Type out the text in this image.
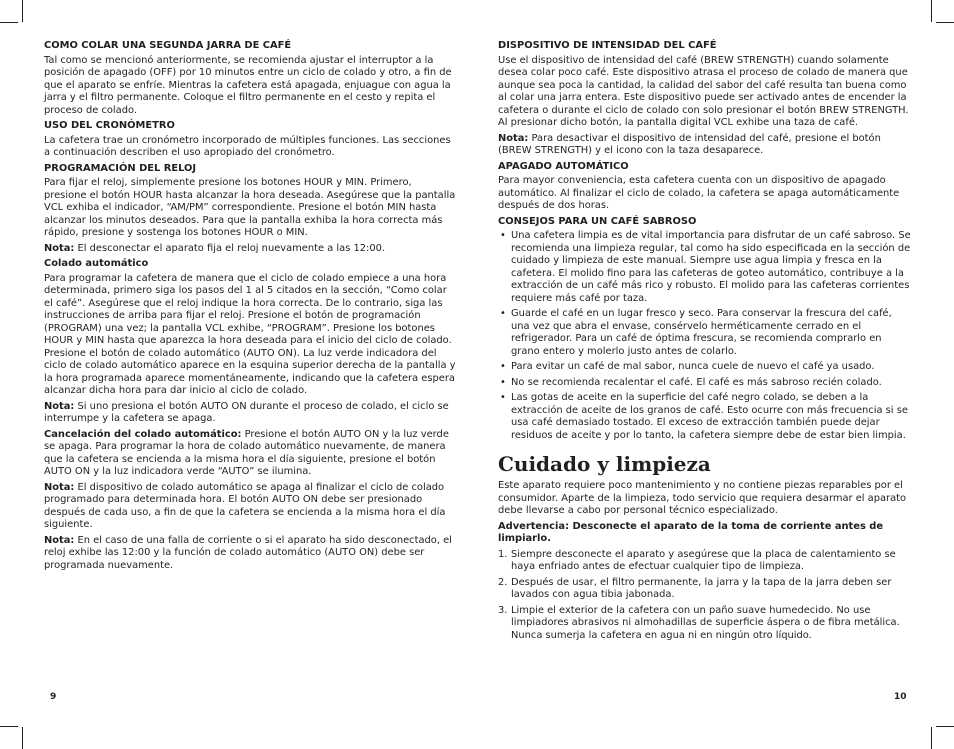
COMO COLAR UNA SEGUNDA JARRA DE CAFÉ

Tal como se mencionó anteriormente, se recomienda ajustar el interruptor a la posición de apagado (OFF) por 10 minutos entre un ciclo de colado y otro, a fin de que el aparato se enfríe. Mientras la cafetera está apagada, enjuague con agua la jarra y el filtro permanente. Coloque el filtro permanente en el cesto y repita el proceso de colado.

USO DEL CRONÓMETRO

La cafetera trae un cronómetro incorporado de múltiples funciones. Las secciones a continuación describen el uso apropiado del cronómetro.

PROGRAMACIÓN DEL RELOJ

Para fijar el reloj, simplemente presione los botones HOUR y MIN. Primero, presione el botón HOUR hasta alcanzar la hora deseada. Asegúrese que la pantalla VCL exhiba el indicador, “AM/PM” correspondiente. Presione el botón MIN hasta alcanzar los minutos deseados. Para que la pantalla exhiba la hora correcta más rápido, presione y sostenga los botones HOUR o MIN.

Nota: El desconectar el aparato fija el reloj nuevamente a las 12:00.

Colado automático

Para programar la cafetera de manera que el ciclo de colado empiece a una hora determinada, primero siga los pasos del 1 al 5 citados en la sección, “Como colar el café”. Asegúrese que el reloj indique la hora correcta. De lo contrario, siga las instrucciones de arriba para fijar el reloj. Presione el botón de programación (PROGRAM) una vez; la pantalla VCL exhibe, “PROGRAM”. Presione los botones HOUR y MIN hasta que aparezca la hora deseada para el inicio del ciclo de colado. Presione el botón de colado automático (AUTO ON). La luz verde indicadora del ciclo de colado automático aparece en la esquina superior derecha de la pantalla y la hora programada aparece momentáneamente, indicando que la cafetera espera alcanzar dicha hora para dar inicio al ciclo de colado.

Nota: Si uno presiona el botón AUTO ON durante el proceso de colado, el ciclo se interrumpe y la cafetera se apaga.

Cancelación del colado automático: Presione el botón AUTO ON y la luz verde se apaga. Para programar la hora de colado automático nuevamente, de manera que la cafetera se encienda a la misma hora el día siguiente, presione el botón AUTO ON y la luz indicadora verde “AUTO” se ilumina.

Nota: El dispositivo de colado automático se apaga al finalizar el ciclo de colado programado para determinada hora. El botón AUTO ON debe ser presionado después de cada uso, a fin de que la cafetera se encienda a la misma hora el día siguiente.

Nota: En el caso de una falla de corriente o si el aparato ha sido desconectado, el reloj exhibe las 12:00 y la función de colado automático (AUTO ON) debe ser programada nuevamente.

DISPOSITIVO DE INTENSIDAD DEL CAFÉ

Use el dispositivo de intensidad del café (BREW STRENGTH) cuando solamente desea colar poco café. Este dispositivo atrasa el proceso de colado de manera que aunque sea poca la cantidad, la calidad del sabor del café resulta tan buena como al colar una jarra entera. Este dispositivo puede ser activado antes de encender la cafetera o durante el ciclo de colado con solo presionar el botón BREW STRENGTH. Al presionar dicho botón, la pantalla digital VCL exhibe una taza de café.

Nota: Para desactivar el dispositivo de intensidad del café, presione el botón (BREW STRENGTH) y el icono con la taza desaparece.

APAGADO AUTOMÁTICO

Para mayor conveniencia, esta cafetera cuenta con un dispositivo de apagado automático. Al finalizar el ciclo de colado, la cafetera se apaga automáticamente después de dos horas.

CONSEJOS PARA UN CAFÉ SABROSO
• Una cafetera limpia es de vital importancia para disfrutar de un café sabroso. Se recomienda una limpieza regular, tal como ha sido especificada en la sección de cuidado y limpieza de este manual. Siempre use agua limpia y fresca en la cafetera. El molido fino para las cafeteras de goteo automático, contribuye a la extracción de un café más rico y robusto. El molido para las cafeteras corrientes requiere más café por taza.
• Guarde el café en un lugar fresco y seco. Para conservar la frescura del café, una vez que abra el envase, consérvelo herméticamente cerrado en el refrigerador. Para un café de óptima frescura, se recomienda comprarlo en grano entero y molerlo justo antes de colarlo.
• Para evitar un café de mal sabor, nunca cuele de nuevo el café ya usado.
• No se recomienda recalentar el café. El café es más sabroso recién colado.
• Las gotas de aceite en la superficie del café negro colado, se deben a la extracción de aceite de los granos de café. Esto ocurre con más frecuencia si se usa café demasiado tostado. El exceso de extracción también puede dejar residuos de aceite y por lo tanto, la cafetera siempre debe de estar bien limpia.
Cuidado y limpieza

Este aparato requiere poco mantenimiento y no contiene piezas reparables por el consumidor. Aparte de la limpieza, todo servicio que requiera desarmar el aparato debe llevarse a cabo por personal técnico especializado.

Advertencia: Desconecte el aparato de la toma de corriente antes de limpiarlo.

1. Siempre desconecte el aparato y asegúrese que la placa de calentamiento se haya enfriado antes de efectuar cualquier tipo de limpieza.
2. Después de usar, el filtro permanente, la jarra y la tapa de la jarra deben ser lavados con agua tibia jabonada.
3. Limpie el exterior de la cafetera con un paño suave humedecido. No use limpiadores abrasivos ni almohadillas de superficie áspera o de fibra metálica. Nunca sumerja la cafetera en agua ni en ningún otro líquido.
9	10
